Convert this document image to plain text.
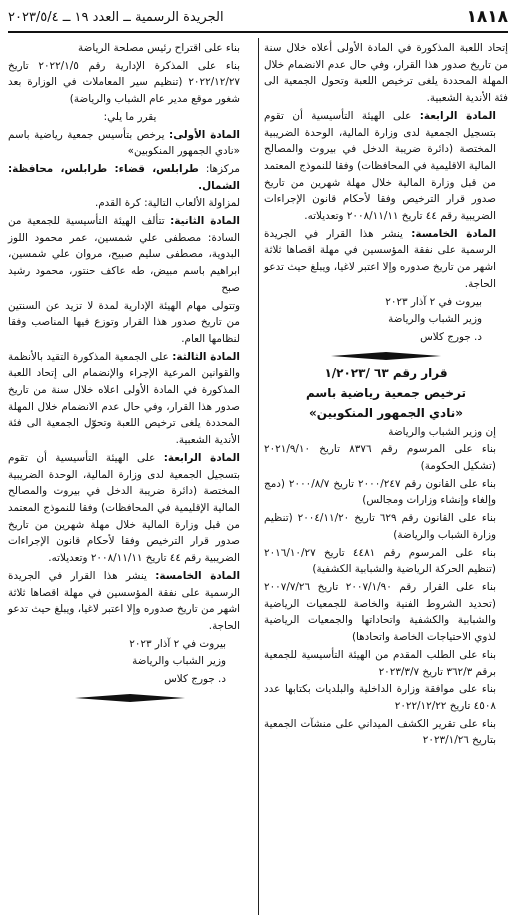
الجريدة الرسمية ــ العدد ١٩ ــ ٢٠٢٣/٥/٤	١٨١٨

إتحاد اللعبة المذكورة في المادة الأولى أعلاه خلال سنة من تاريخ صدور هذا القرار، وفي حال عدم الانضمام خلال المهلة المحددة يلغى ترخيص اللعبة وتحول الجمعية الى فئة الأندية الشعبية.

المادة الرابعة: على الهيئة التأسيسية أن تقوم بتسجيل الجمعية لدى وزارة المالية، الوحدة الضريبية المختصة (دائرة ضريبة الدخل في بيروت والمصالح المالية الاقليمية في المحافظات) وفقا للنموذج المعتمد من قبل وزارة المالية خلال مهلة شهرين من تاريخ صدور قرار الترخيص وفقا لأحكام قانون الإجراءات الضريبية رقم ٤٤ تاريخ ٢٠٠٨/١١/١١ وتعديلاته.

المادة الخامسة: ينشر هذا القرار في الجريدة الرسمية على نفقة المؤسسين في مهلة اقصاها ثلاثة اشهر من تاريخ صدوره وإلا اعتبر لاغيا، ويبلغ حيث تدعو الحاجة.

بيروت في ٢ آذار ٢٠٢٣

وزير الشباب والرياضة

د. جورج كلاس

قرار رقم ٦٣ /١/٢٠٢٣

ترخيص جمعية رياضية باسم

«نادي الجمهور المنكوبين»

إن وزير الشباب والرياضة

بناء على المرسوم رقم ٨٣٧٦ تاريخ ٢٠٢١/٩/١٠ (تشكيل الحكومة)

بناء على القانون رقم ٢٠٠٠/٢٤٧ تاريخ ٢٠٠٠/٨/٧ (دمج وإلغاء وإنشاء وزارات ومجالس)

بناء على القانون رقم ٦٢٩ تاريخ ٢٠٠٤/١١/٢٠ (تنظيم وزارة الشباب والرياضة)

بناء على المرسوم رقم ٤٤٨١ تاريخ ٢٠١٦/١٠/٢٧ (تنظيم الحركة الرياضية والشبابية الكشفية)

بناء على القرار رقم ٢٠٠٧/١/٩٠ تاريخ ٢٠٠٧/٧/٢٦ (تحديد الشروط الفنية والخاصة للجمعيات الرياضية والشبابية والكشفية واتحاداتها والجمعيات الرياضية لذوي الاحتياجات الخاصة واتحادها)

بناء على الطلب المقدم من الهيئة التأسيسية للجمعية برقم ٣٦٢/٣ تاريخ ٢٠٢٣/٣/٧

بناء على موافقة وزارة الداخلية والبلديات بكتابها عدد ٤٥٠٨ تاريخ ٢٠٢٢/١٢/٢٢

بناء على تقرير الكشف الميداني على منشآت الجمعية بتاريخ ٢٠٢٣/١/٢٦

بناء على اقتراح رئيس مصلحة الرياضة

بناء على المذكرة الإدارية رقم ٢٠٢٢/١/٥ تاريخ ٢٠٢٢/١٢/٢٧ (تنظيم سير المعاملات في الوزارة بعد شغور موقع مدير عام الشباب والرياضة)

يقرر ما يلي:

المادة الأولى: يرخص بتأسيس جمعية رياضية باسم «نادي الجمهور المنكوبين»

مركزها: طرابلس، قضاء: طرابلس، محافظة: الشمال.

لمزاولة الألعاب التالية: كرة القدم.

المادة الثانية: تتألف الهيئة التأسيسية للجمعية من السادة: مصطفى علي شمسين، عمر محمود اللوز البدوية، مصطفى سليم صبيح، مروان علي شمسين، ابراهيم باسم مبيض، طه عاكف حنتور، محمود رشيد صبح

وتتولى مهام الهيئة الإدارية لمدة لا تزيد عن السنتين من تاريخ صدور هذا القرار وتوزع فيها المناصب وفقا لنظامها العام.

المادة الثالثة: على الجمعية المذكورة التقيد بالأنظمة والقوانين المرعية الإجراء والإنضمام الى إتحاد اللعبة المذكورة في المادة الأولى اعلاه خلال سنة من تاريخ صدور هذا القرار، وفي حال عدم الانضمام خلال المهلة المحددة يلغى ترخيص اللعبة وتحوّل الجمعية الى فئة الأندية الشعبية.

المادة الرابعة: على الهيئة التأسيسية أن تقوم بتسجيل الجمعية لدى وزارة المالية، الوحدة الضريبية المختصة (دائرة ضريبة الدخل في بيروت والمصالح المالية الإقليمية في المحافظات) وفقا للنموذج المعتمد من قبل وزارة المالية خلال مهلة شهرين من تاريخ صدور قرار الترخيص وفقا لأحكام قانون الإجراءات الضريبية رقم ٤٤ تاريخ ٢٠٠٨/١١/١١ وتعديلاته.

المادة الخامسة: ينشر هذا القرار في الجريدة الرسمية على نفقة المؤسسين في مهلة اقصاها ثلاثة اشهر من تاريخ صدوره وإلا اعتبر لاغيا، ويبلغ حيث تدعو الحاجة.

بيروت في ٢ آذار ٢٠٢٣

وزير الشباب والرياضة

د. جورج كلاس
